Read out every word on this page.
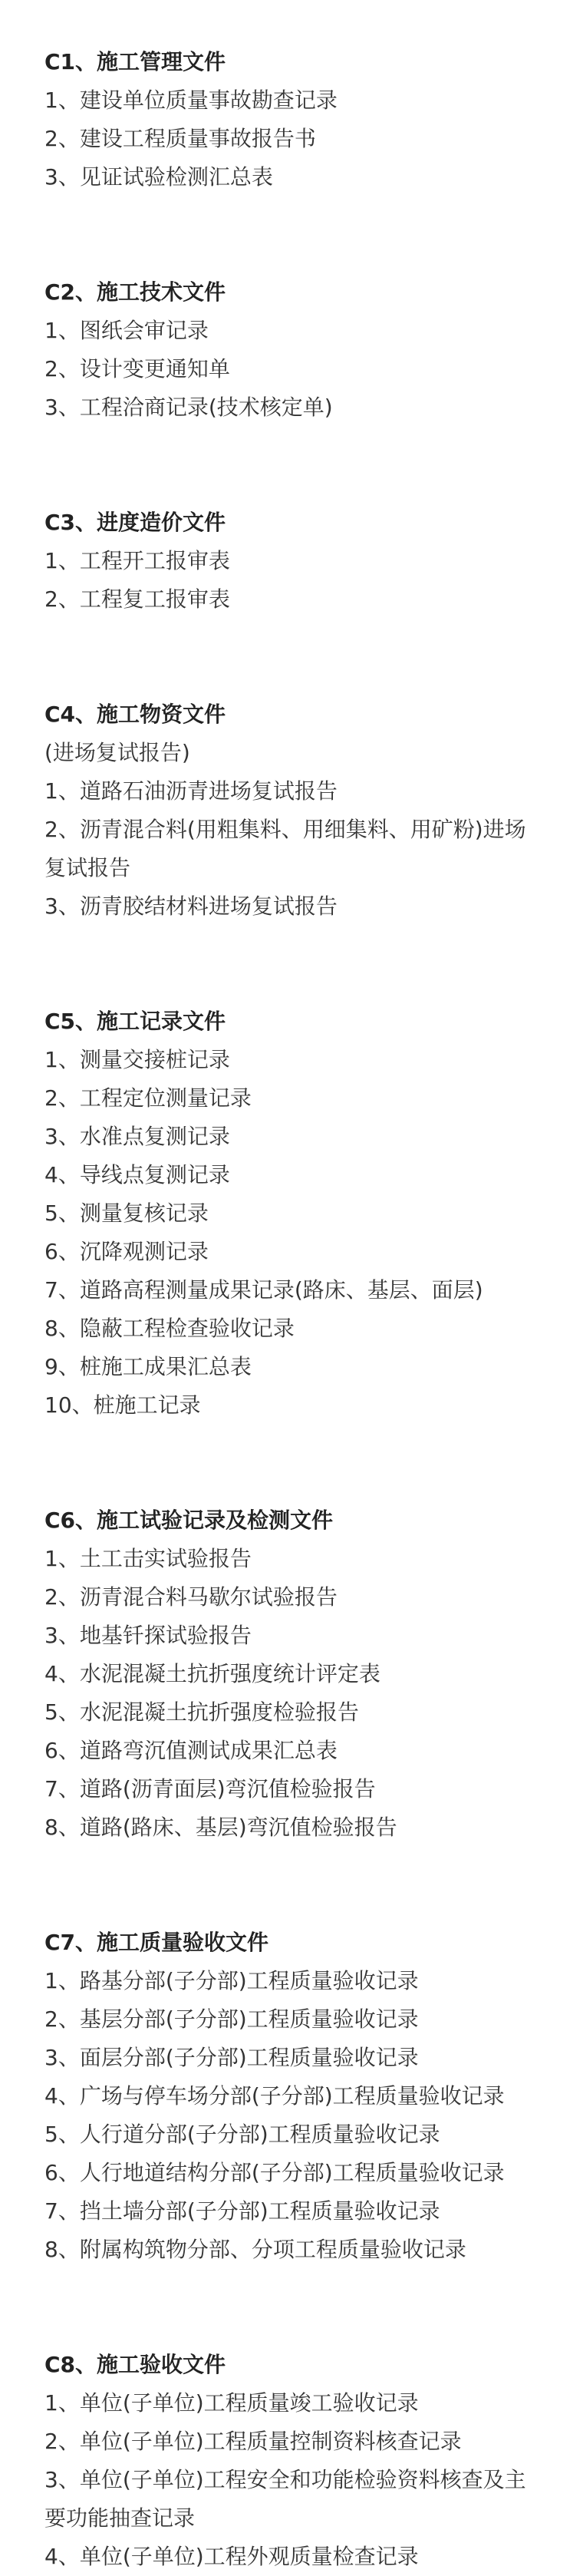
C1、施工管理文件
1、建设单位质量事故勘查记录
2、建设工程质量事故报告书
3、见证试验检测汇总表
C2、施工技术文件
1、图纸会审记录
2、设计变更通知单
3、工程洽商记录(技术核定单)
C3、进度造价文件
1、工程开工报审表
2、工程复工报审表
C4、施工物资文件
(进场复试报告)
1、道路石油沥青进场复试报告
2、沥青混合料(用粗集料、用细集料、用矿粉)进场复试报告
3、沥青胶结材料进场复试报告
C5、施工记录文件
1、测量交接桩记录
2、工程定位测量记录
3、水准点复测记录
4、导线点复测记录
5、测量复核记录
6、沉降观测记录
7、道路高程测量成果记录(路床、基层、面层)
8、隐蔽工程检查验收记录
9、桩施工成果汇总表
10、桩施工记录
C6、施工试验记录及检测文件
1、土工击实试验报告
2、沥青混合料马歇尔试验报告
3、地基钎探试验报告
4、水泥混凝土抗折强度统计评定表
5、水泥混凝土抗折强度检验报告
6、道路弯沉值测试成果汇总表
7、道路(沥青面层)弯沉值检验报告
8、道路(路床、基层)弯沉值检验报告
C7、施工质量验收文件
1、路基分部(子分部)工程质量验收记录
2、基层分部(子分部)工程质量验收记录
3、面层分部(子分部)工程质量验收记录
4、广场与停车场分部(子分部)工程质量验收记录
5、人行道分部(子分部)工程质量验收记录
6、人行地道结构分部(子分部)工程质量验收记录
7、挡土墙分部(子分部)工程质量验收记录
8、附属构筑物分部、分项工程质量验收记录
C8、施工验收文件
1、单位(子单位)工程质量竣工验收记录
2、单位(子单位)工程质量控制资料核查记录
3、单位(子单位)工程安全和功能检验资料核查及主要功能抽查记录
4、单位(子单位)工程外观质量检查记录
